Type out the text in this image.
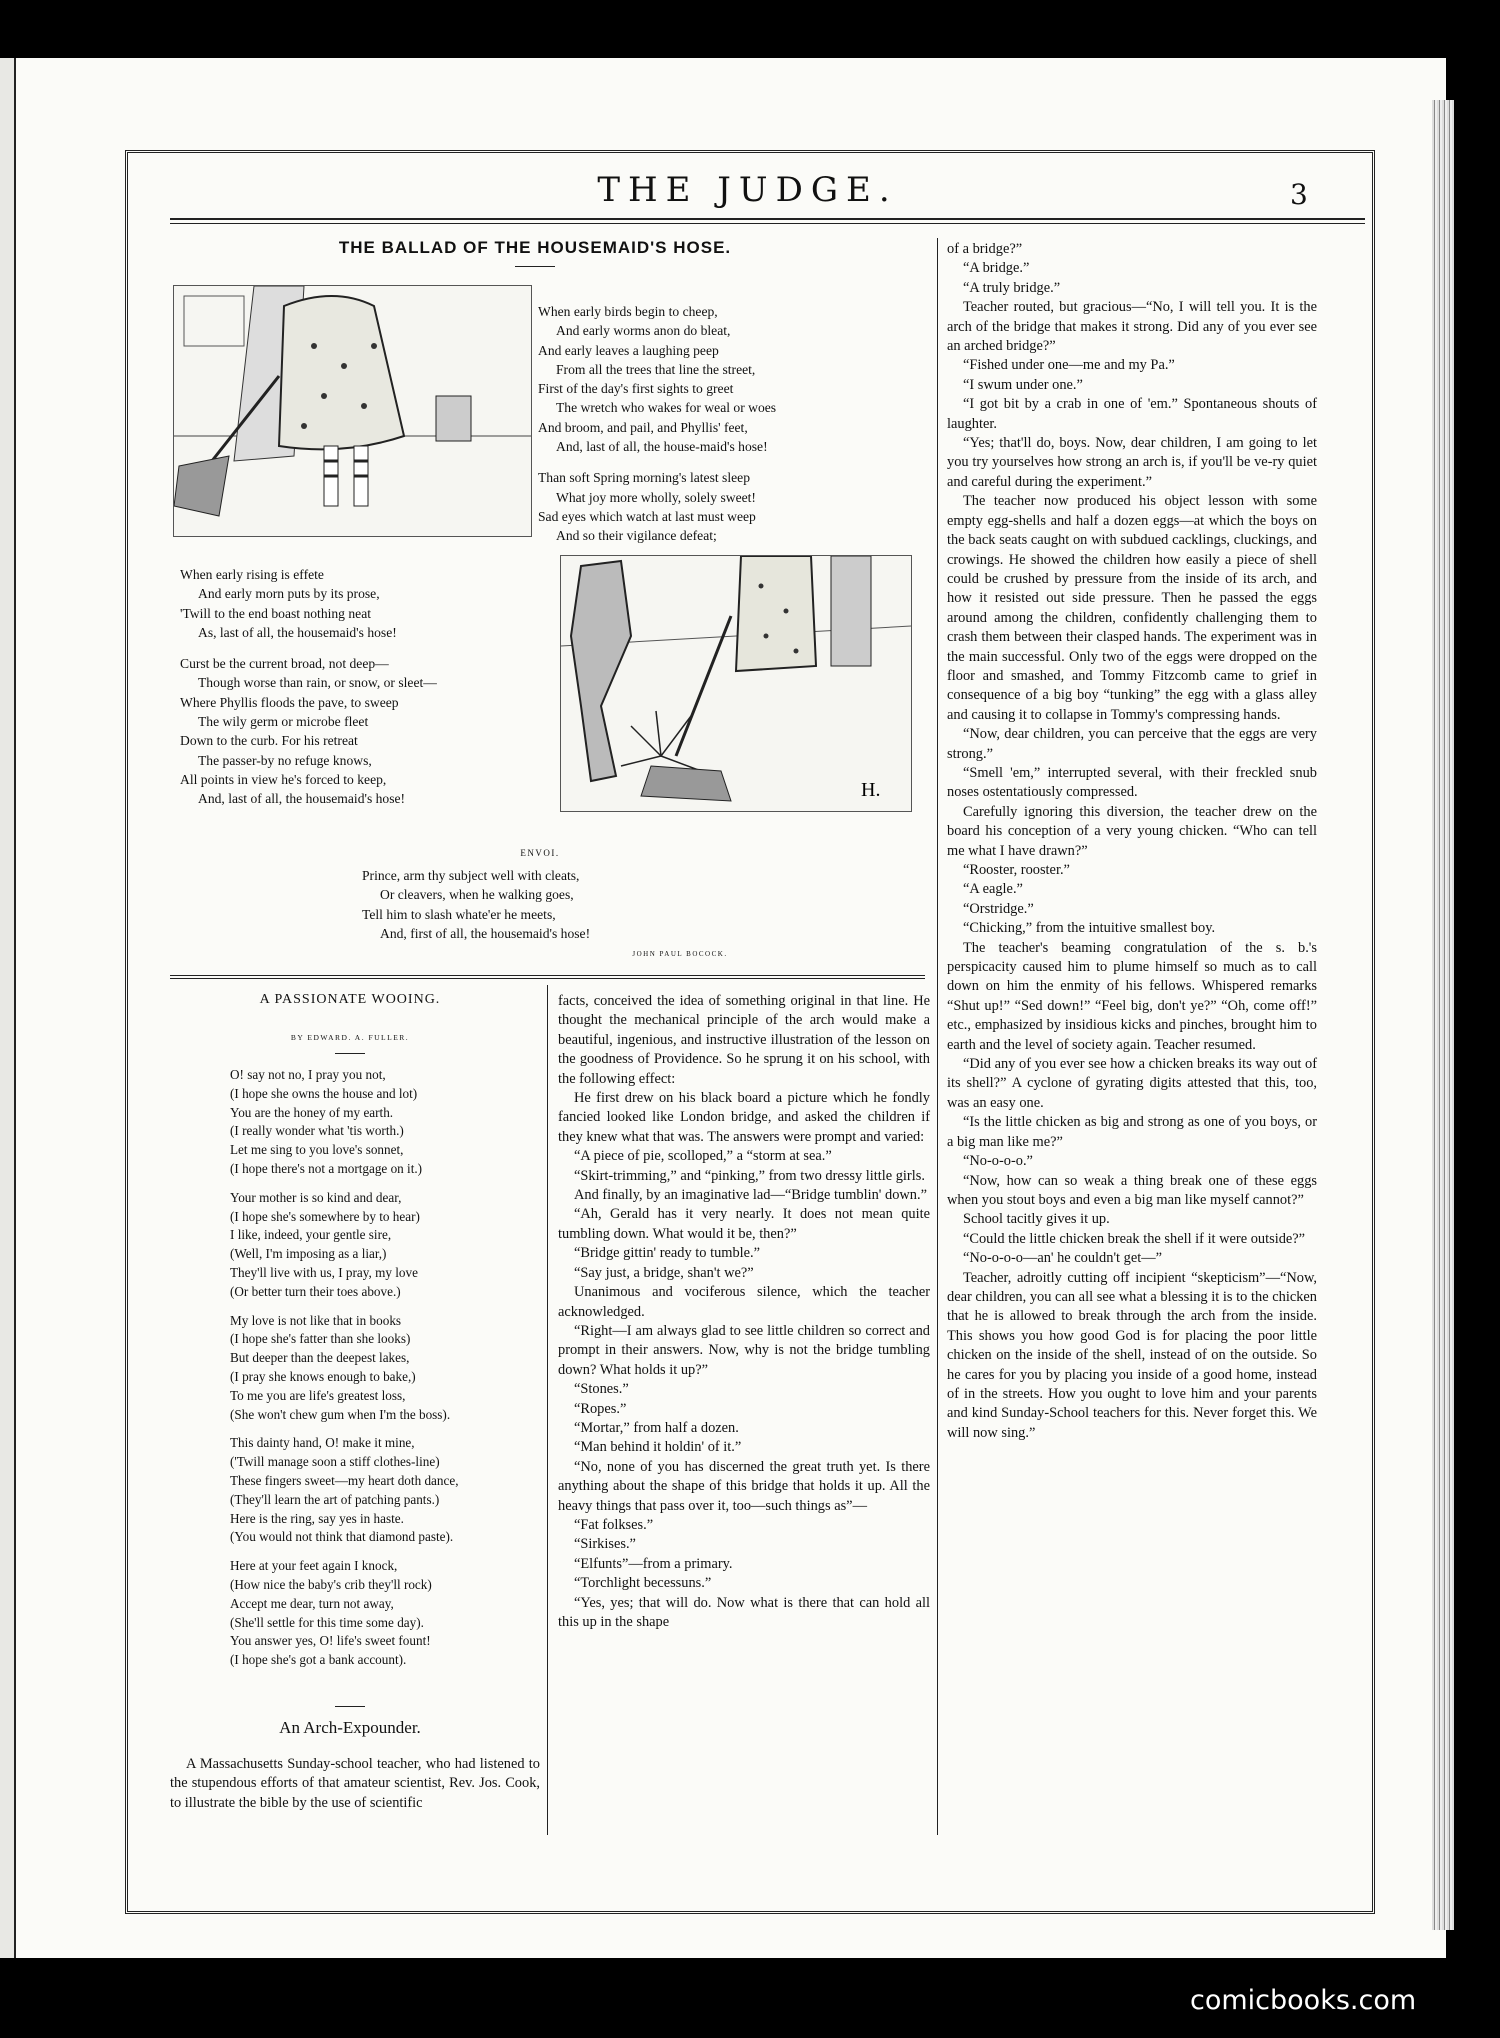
THE JUDGE.	3
THE BALLAD OF THE HOUSEMAID'S HOSE.
When early birds begin to cheep,
And early worms anon do bleat,
And early leaves a laughing peep
From all the trees that line the street,
First of the day's first sights to greet
The wretch who wakes for weal or woes
And broom, and pail, and Phyllis' feet,
And, last of all, the house-maid's hose!
Than soft Spring morning's latest sleep
What joy more wholly, solely sweet!
Sad eyes which watch at last must weep
And so their vigilance defeat;
When early rising is effete
And early morn puts by its prose,
'Twill to the end boast nothing neat
As, last of all, the housemaid's hose!
Curst be the current broad, not deep—
Though worse than rain, or snow, or sleet—
Where Phyllis floods the pave, to sweep
The wily germ or microbe fleet
Down to the curb. For his retreat
The passer-by no refuge knows,
All points in view he's forced to keep,
And, last of all, the housemaid's hose!	H.
ENVOI.
Prince, arm thy subject well with cleats,
Or cleavers, when he walking goes,
Tell him to slash whate'er he meets,
And, first of all, the housemaid's hose!
JOHN PAUL BOCOCK.
A PASSIONATE WOOING.
BY EDWARD. A. FULLER.
O! say not no, I pray you not,
(I hope she owns the house and lot)
You are the honey of my earth.
(I really wonder what 'tis worth.)
Let me sing to you love's sonnet,
(I hope there's not a mortgage on it.)
Your mother is so kind and dear,
(I hope she's somewhere by to hear)
I like, indeed, your gentle sire,
(Well, I'm imposing as a liar,)
They'll live with us, I pray, my love
(Or better turn their toes above.)
My love is not like that in books
(I hope she's fatter than she looks)
But deeper than the deepest lakes,
(I pray she knows enough to bake,)
To me you are life's greatest loss,
(She won't chew gum when I'm the boss).
This dainty hand, O! make it mine,
('Twill manage soon a stiff clothes-line)
These fingers sweet—my heart doth dance,
(They'll learn the art of patching pants.)
Here is the ring, say yes in haste.
(You would not think that diamond paste).
Here at your feet again I knock,
(How nice the baby's crib they'll rock)
Accept me dear, turn not away,
(She'll settle for this time some day).
You answer yes, O! life's sweet fount!
(I hope she's got a bank account).
An Arch-Expounder.

A Massachusetts Sunday-school teacher, who had listened to the stupendous efforts of that amateur scientist, Rev. Jos. Cook, to illustrate the bible by the use of scientific

facts, conceived the idea of something original in that line. He thought the mechanical principle of the arch would make a beautiful, ingenious, and instructive illustration of the lesson on the goodness of Providence. So he sprung it on his school, with the following effect:

He first drew on his black board a picture which he fondly fancied looked like London bridge, and asked the children if they knew what that was. The answers were prompt and varied:

“A piece of pie, scolloped,” a “storm at sea.”

“Skirt-trimming,” and “pinking,” from two dressy little girls.

And finally, by an imaginative lad—“Bridge tumblin' down.”

“Ah, Gerald has it very nearly. It does not mean quite tumbling down. What would it be, then?”

“Bridge gittin' ready to tumble.”

“Say just, a bridge, shan't we?”

Unanimous and vociferous silence, which the teacher acknowledged.

“Right—I am always glad to see little children so correct and prompt in their answers. Now, why is not the bridge tumbling down? What holds it up?”

“Stones.”

“Ropes.”

“Mortar,” from half a dozen.

“Man behind it holdin' of it.”

“No, none of you has discerned the great truth yet. Is there anything about the shape of this bridge that holds it up. All the heavy things that pass over it, too—such things as”—

“Fat folkses.”

“Sirkises.”

“Elfunts”—from a primary.

“Torchlight becessuns.”

“Yes, yes; that will do. Now what is there that can hold all this up in the shape

of a bridge?”

“A bridge.”

“A truly bridge.”

Teacher routed, but gracious—“No, I will tell you. It is the arch of the bridge that makes it strong. Did any of you ever see an arched bridge?”

“Fished under one—me and my Pa.”

“I swum under one.”

“I got bit by a crab in one of 'em.” Spontaneous shouts of laughter.

“Yes; that'll do, boys. Now, dear children, I am going to let you try yourselves how strong an arch is, if you'll be ve-ry quiet and careful during the experiment.”

The teacher now produced his object lesson with some empty egg-shells and half a dozen eggs—at which the boys on the back seats caught on with subdued cacklings, cluckings, and crowings. He showed the children how easily a piece of shell could be crushed by pressure from the inside of its arch, and how it resisted out side pressure. Then he passed the eggs around among the children, confidently challenging them to crash them between their clasped hands. The experiment was in the main successful. Only two of the eggs were dropped on the floor and smashed, and Tommy Fitzcomb came to grief in consequence of a big boy “tunking” the egg with a glass alley and causing it to collapse in Tommy's compressing hands.

“Now, dear children, you can perceive that the eggs are very strong.”

“Smell 'em,” interrupted several, with their freckled snub noses ostentatiously compressed.

Carefully ignoring this diversion, the teacher drew on the board his conception of a very young chicken. “Who can tell me what I have drawn?”

“Rooster, rooster.”

“A eagle.”

“Orstridge.”

“Chicking,” from the intuitive smallest boy.

The teacher's beaming congratulation of the s. b.'s perspicacity caused him to plume himself so much as to call down on him the enmity of his fellows. Whispered remarks “Shut up!” “Sed down!” “Feel big, don't ye?” “Oh, come off!” etc., emphasized by insidious kicks and pinches, brought him to earth and the level of society again. Teacher resumed.

“Did any of you ever see how a chicken breaks its way out of its shell?” A cyclone of gyrating digits attested that this, too, was an easy one.

“Is the little chicken as big and strong as one of you boys, or a big man like me?”

“No-o-o-o.”

“Now, how can so weak a thing break one of these eggs when you stout boys and even a big man like myself cannot?”

School tacitly gives it up.

“Could the little chicken break the shell if it were outside?”

“No-o-o-o—an' he couldn't get—”

Teacher, adroitly cutting off incipient “skepticism”—“Now, dear children, you can all see what a blessing it is to the chicken that he is allowed to break through the arch from the inside. This shows you how good God is for placing the poor little chicken on the inside of the shell, instead of on the outside. So he cares for you by placing you inside of a good home, instead of in the streets. How you ought to love him and your parents and kind Sunday-School teachers for this. Never forget this. We will now sing.”

comicbooks.com
